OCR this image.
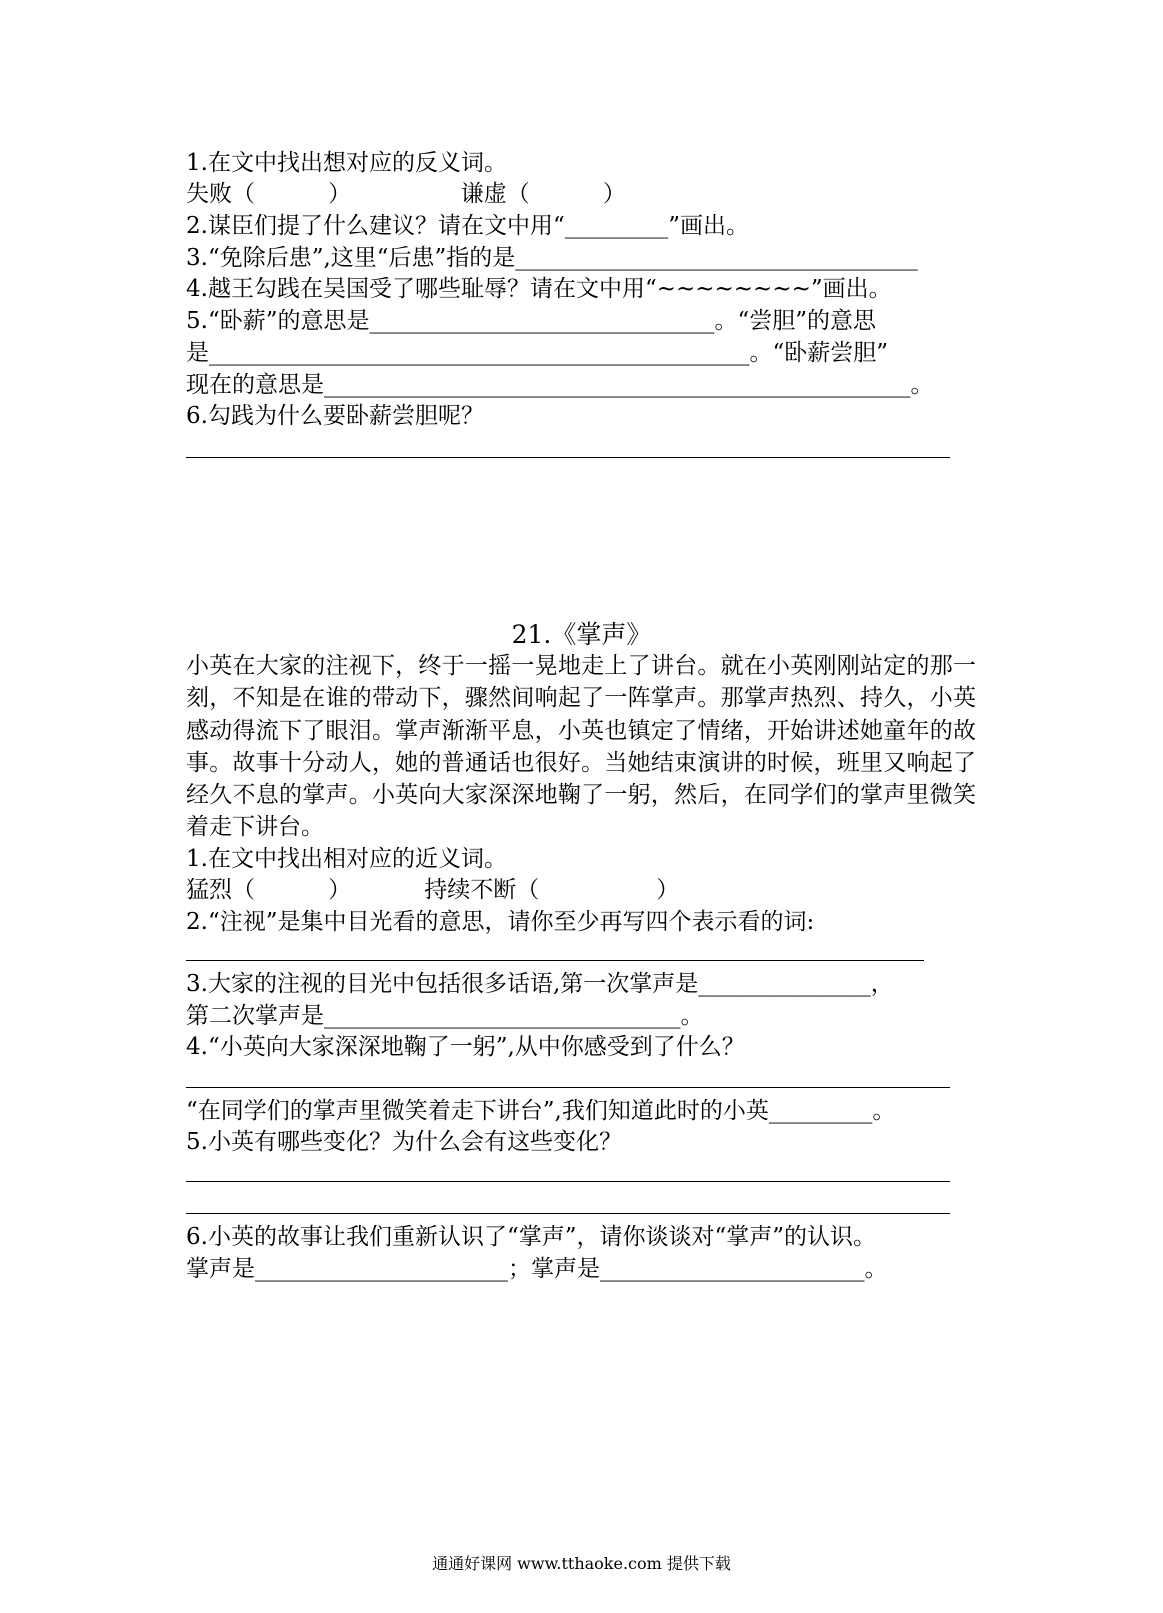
1.在文中找出想对应的反义词。
失败（          ）               谦虚（          ）
2.谋臣们提了什么建议？请在文中用“_________”画出。
3.“免除后患”,这里“后患”指的是___________________________________
4.越王勾践在吴国受了哪些耻辱？请在文中用“~~~~~~~~”画出。
5.“卧薪”的意思是______________________________。“尝胆”的意思
是_______________________________________________。“卧薪尝胆”
现在的意思是___________________________________________________。
6.勾践为什么要卧薪尝胆呢？
21.《掌声》
小英在大家的注视下，终于一摇一晃地走上了讲台。就在小英刚刚站定的那一刻，不知是在谁的带动下，骤然间响起了一阵掌声。那掌声热烈、持久，小英感动得流下了眼泪。掌声渐渐平息，小英也镇定了情绪，开始讲述她童年的故事。故事十分动人，她的普通话也很好。当她结束演讲的时候，班里又响起了经久不息的掌声。小英向大家深深地鞠了一躬，然后，在同学们的掌声里微笑着走下讲台。
1.在文中找出相对应的近义词。
猛烈（          ）          持续不断（                ）
2.“注视”是集中目光看的意思，请你至少再写四个表示看的词:
3.大家的注视的目光中包括很多话语,第一次掌声是_______________，
第二次掌声是_______________________________。
4.“小英向大家深深地鞠了一躬”,从中你感受到了什么？
“在同学们的掌声里微笑着走下讲台”,我们知道此时的小英_________。
5.小英有哪些变化？为什么会有这些变化？
6.小英的故事让我们重新认识了“掌声”，请你谈谈对“掌声”的认识。
掌声是______________________；掌声是_______________________。
通通好课网 www.tthaoke.com 提供下载
